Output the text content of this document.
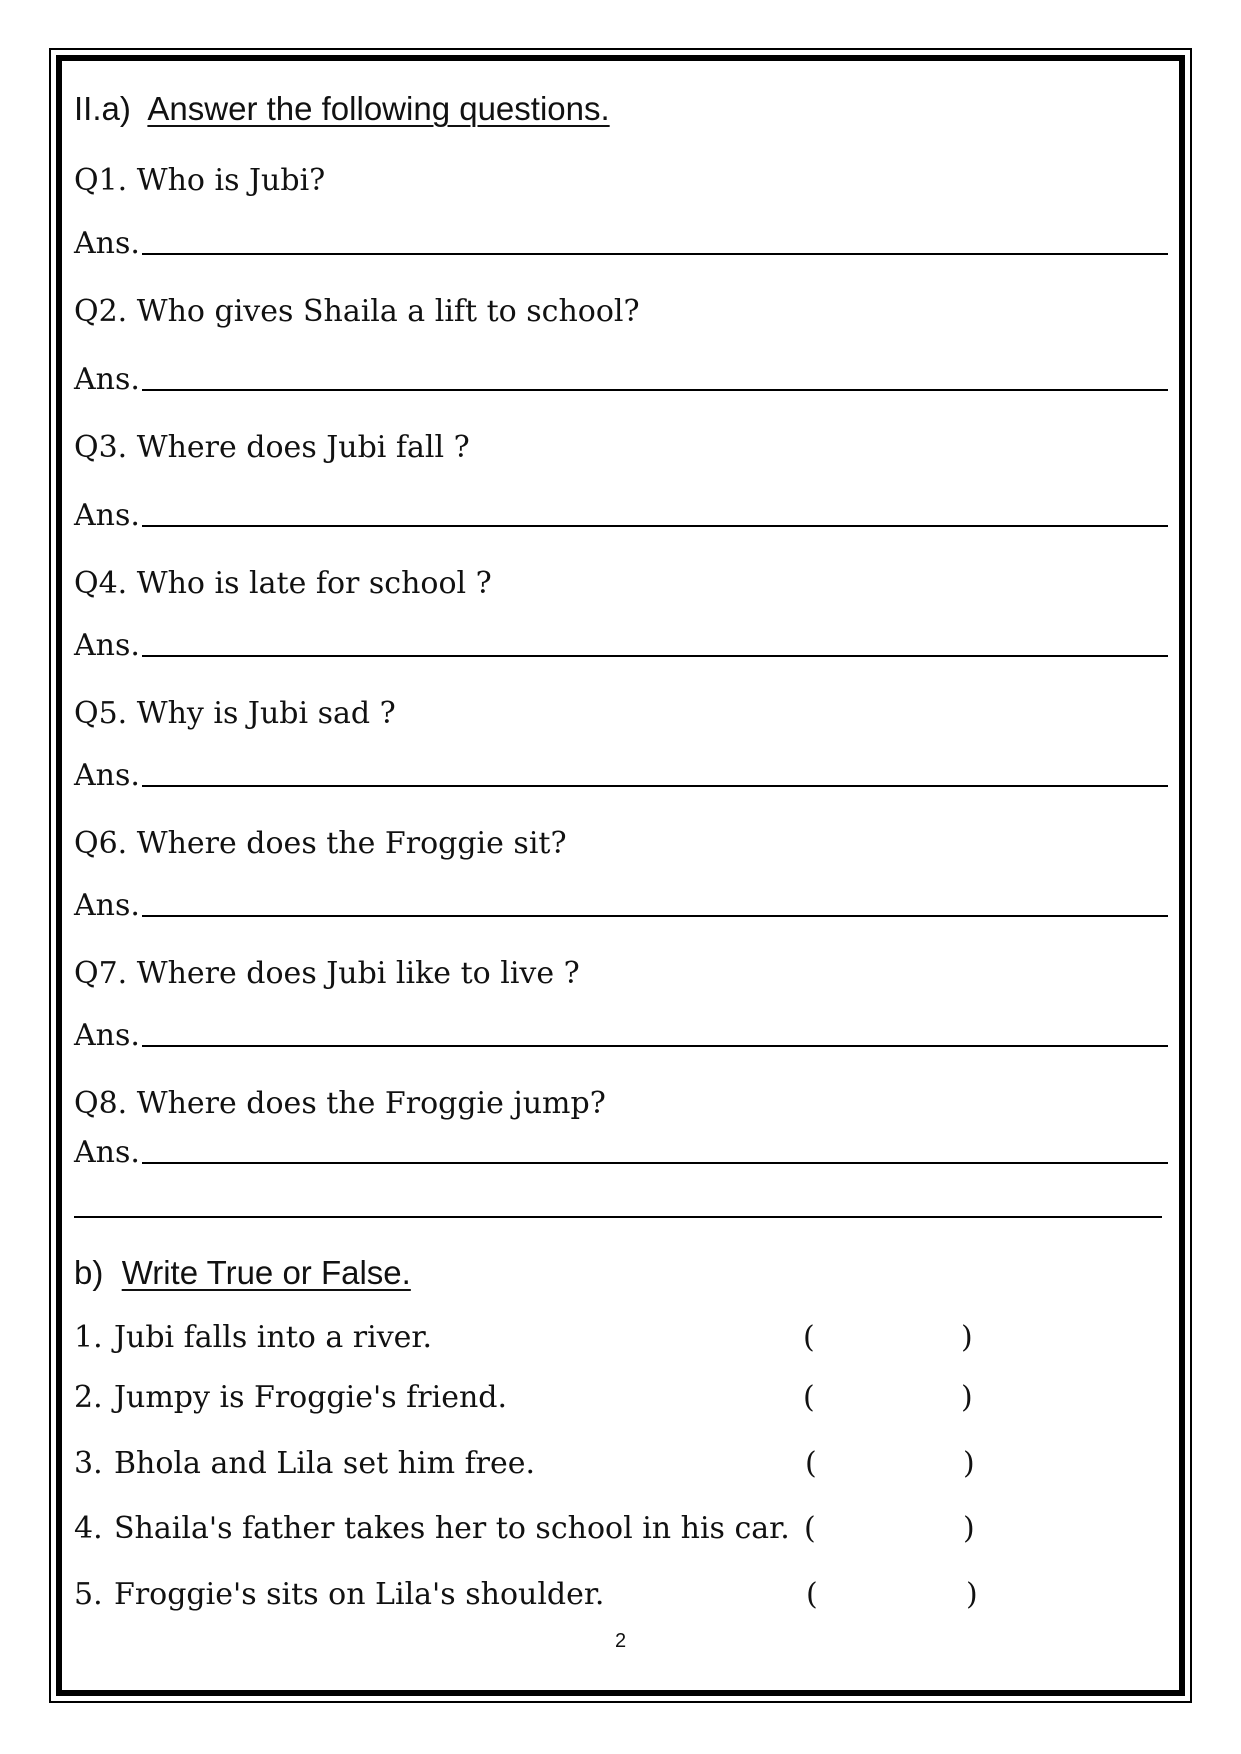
II.a) Answer the following questions.
Q1. Who is Jubi?
Ans.
Q2. Who gives Shaila a lift to school?
Ans.
Q3. Where does Jubi fall ?
Ans.
Q4. Who is late for school ?
Ans.
Q5. Why is Jubi sad ?
Ans.
Q6. Where does the Froggie sit?
Ans.
Q7. Where does Jubi like to live ?
Ans.
Q8. Where does the Froggie jump?
Ans.
b) Write True or False.
1. Jubi falls into a river.	(	)
2. Jumpy is Froggie's friend.	(	)
3. Bhola and Lila set him free.	(	)
4. Shaila's father takes her to school in his car. (	)
5. Froggie's sits on Lila's shoulder.	(	)
2
